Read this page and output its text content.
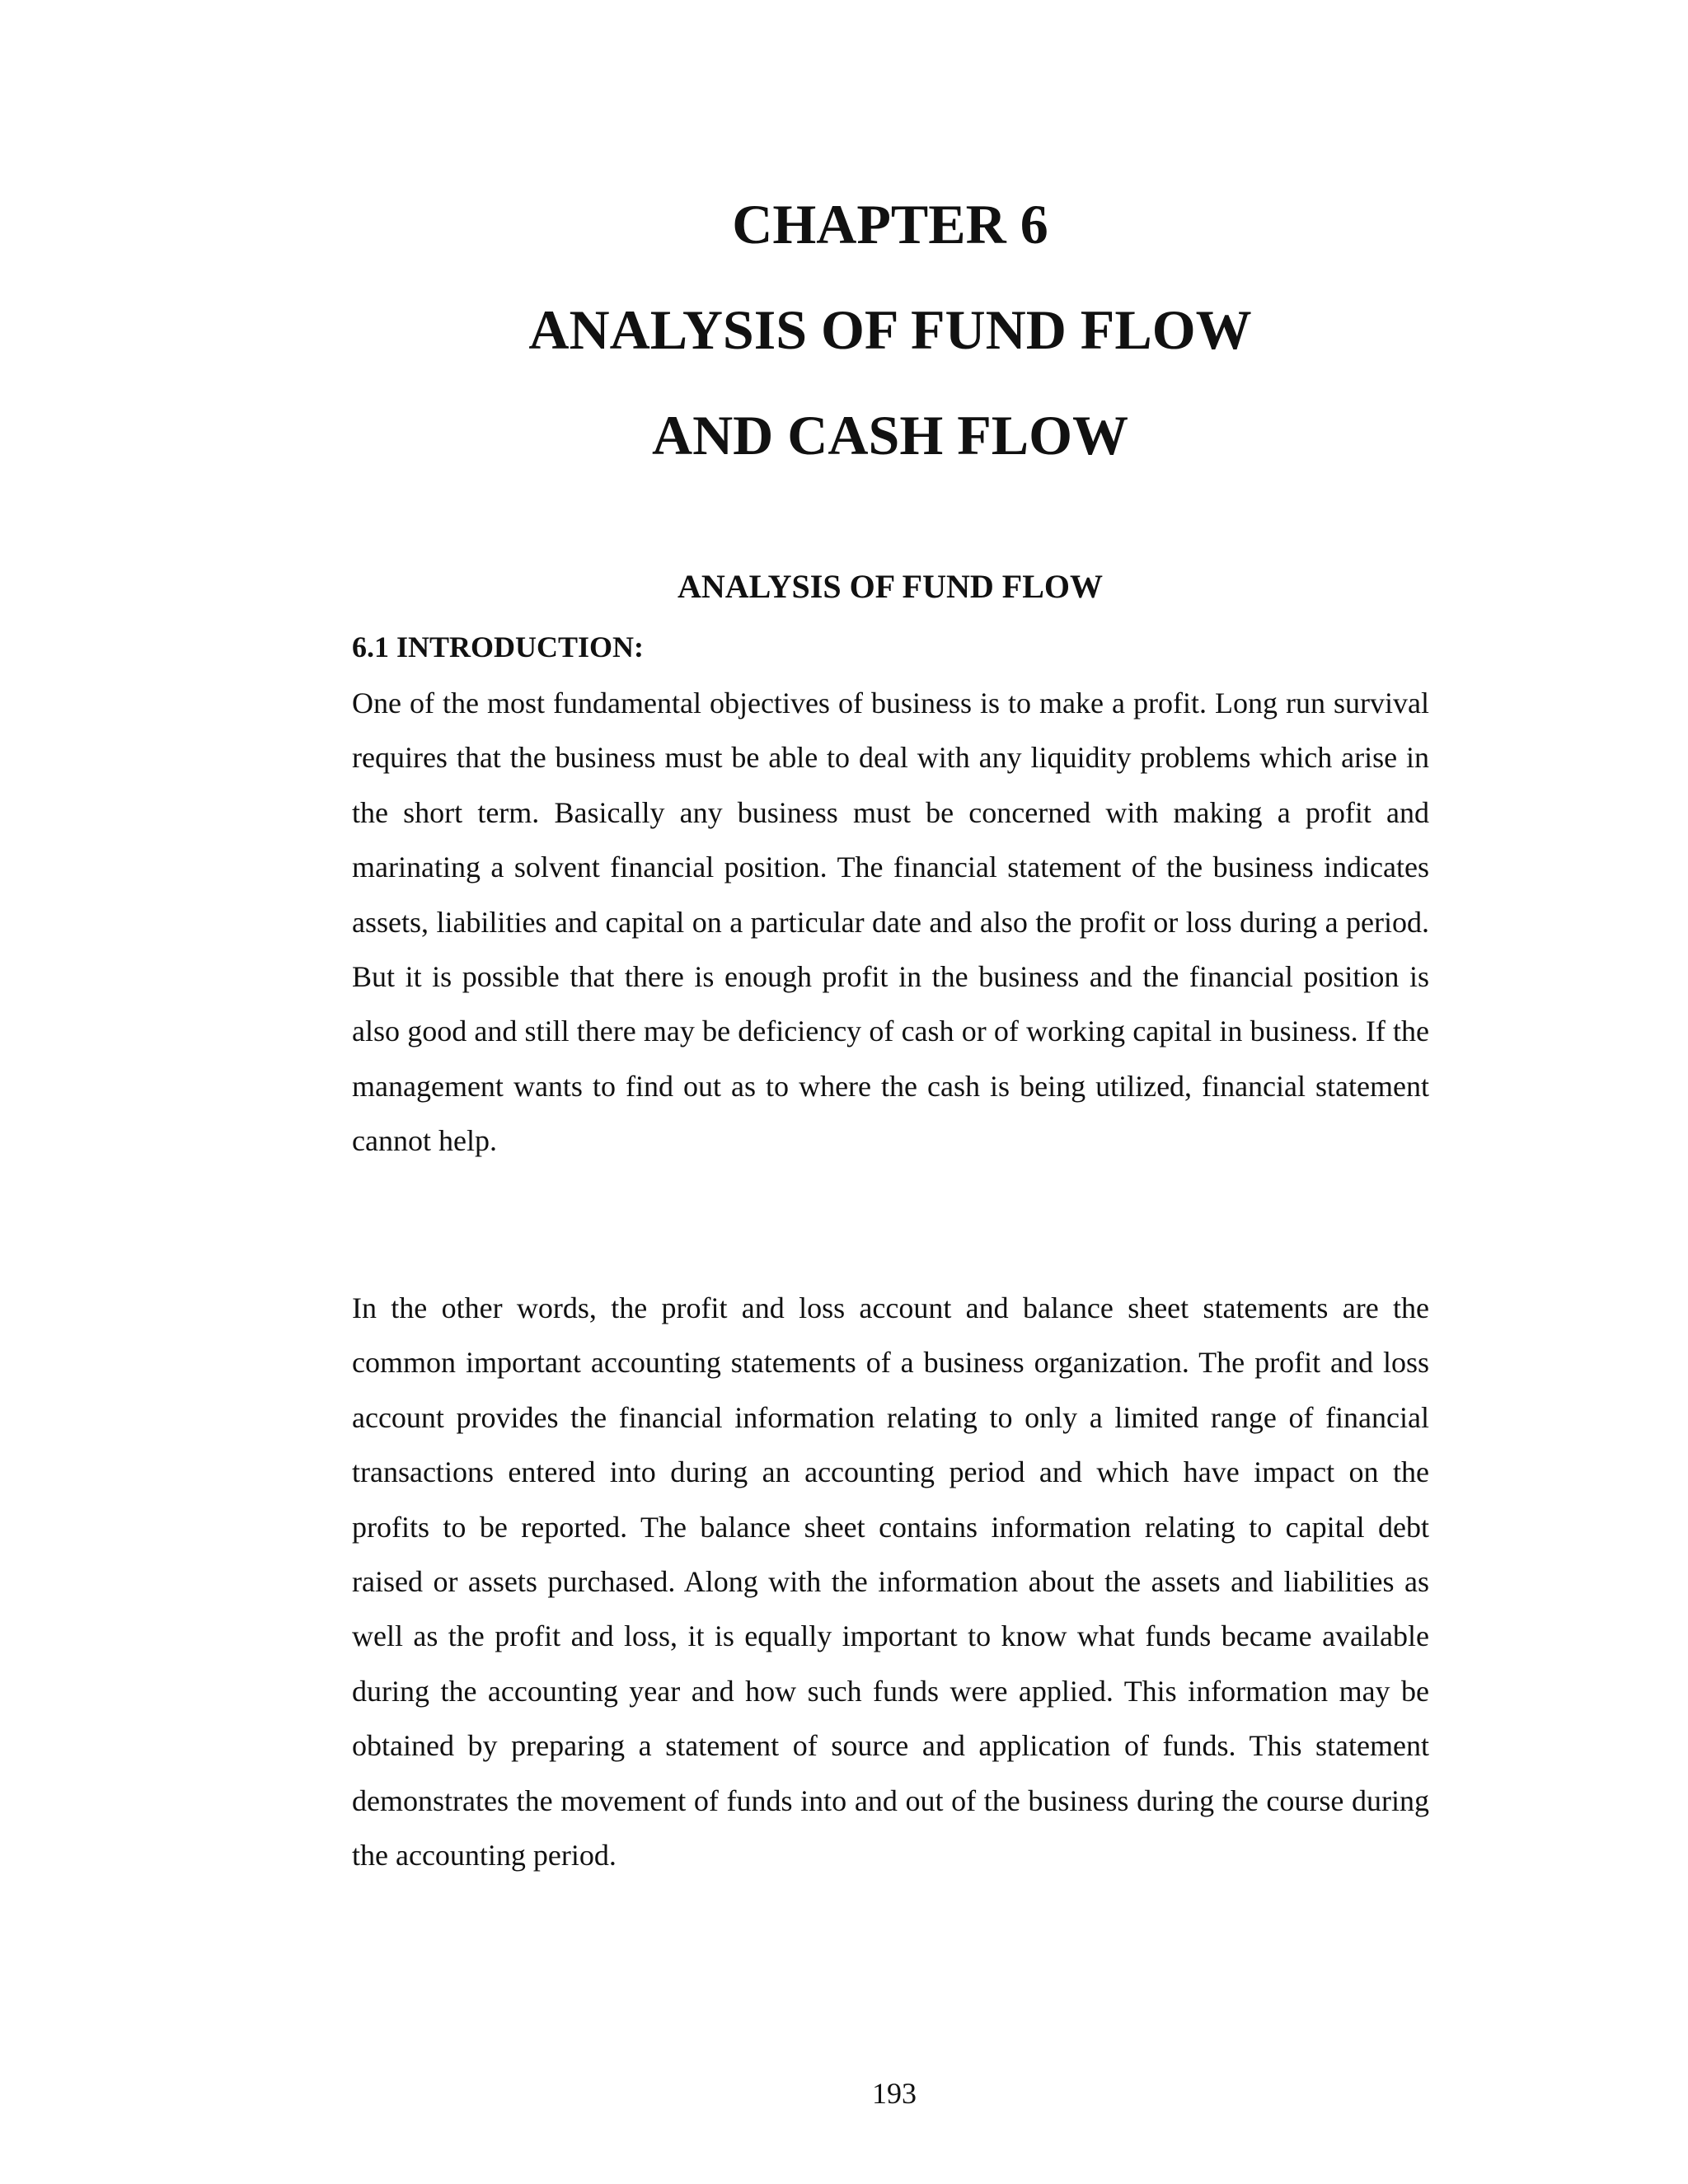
CHAPTER 6
ANALYSIS OF FUND FLOW
AND CASH FLOW
ANALYSIS OF FUND FLOW
6.1 INTRODUCTION:

One of the most fundamental objectives of business is to make a profit. Long run survival requires that the business must be able to deal with any liquidity problems which arise in the short term. Basically any business must be concerned with making a profit and marinating a solvent financial position. The financial statement of the business indicates assets, liabilities and capital on a particular date and also the profit or loss during a period. But it is possible that there is enough profit in the business and the financial position is also good and still there may be deficiency of cash or of working capital in business. If the management wants to find out as to where the cash is being utilized, financial statement cannot help.

In the other words, the profit and loss account and balance sheet statements are the common important accounting statements of a business organization. The profit and loss account provides the financial information relating to only a limited range of financial transactions entered into during an accounting period and which have impact on the profits to be reported. The balance sheet contains information relating to capital debt raised or assets purchased. Along with the information about the assets and liabilities as well as the profit and loss, it is equally important to know what funds became available during the accounting year and how such funds were applied. This information may be obtained by preparing a statement of source and application of funds. This statement demonstrates the movement of funds into and out of the business during the course during the accounting period.

193
